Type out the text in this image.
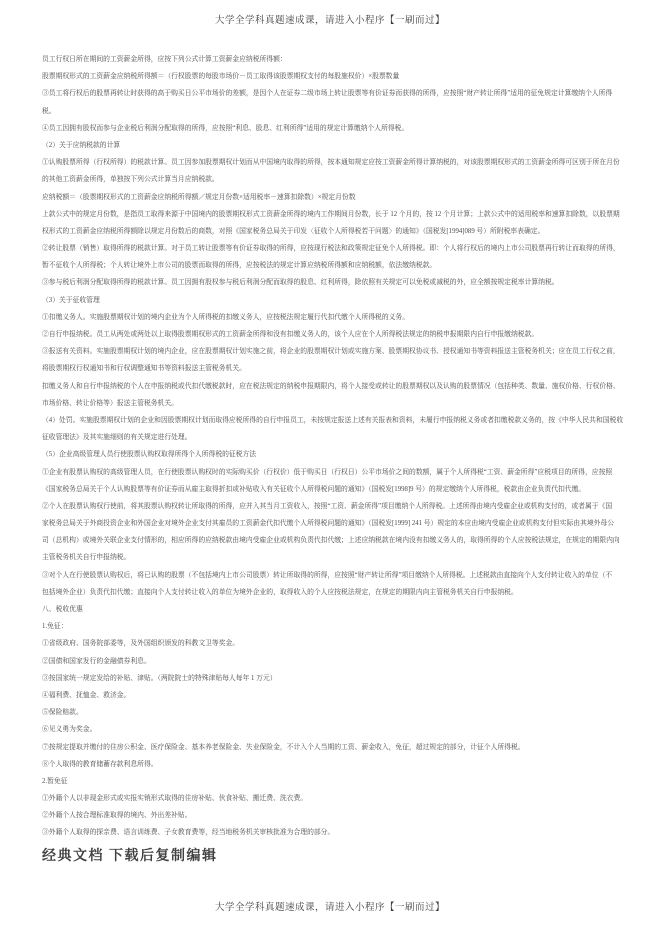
大学全学科真题速成课，请进入小程序【一刷而过】
员工行权日所在期间的工资薪金所得，应按下列公式计算工资薪金应纳税所得额：
股票期权形式的工资薪金应纳税所得额＝（行权股票的每股市场价－员工取得该股票期权支付的每股施权价）×股票数量
③员工将行权后的股票再转让时获得的高于购买日公平市场价的差额，是因个人在证券二级市场上转让股票等有价证券而获得的所得，应按照“财产转让所得”适用的征免规定计算缴纳个人所得
税。
④员工因拥有股权而参与企业税后利润分配取得的所得，应按照“利息、股息、红利所得”适用的规定计算缴纳个人所得税。
（2）关于应纳税款的计算
①认购股票所得（行权所得）的税款计算。员工因参加股票期权计划而从中国境内取得的所得，按本通知规定应按工资薪金所得计算纳税的，对该股票期权形式的工资薪金所得可区别于所在月份
的其他工资薪金所得，单独按下列公式计算当月应纳税款。
应纳税额＝（股票期权形式的工资薪金应纳税所得额／规定月份数×适用税率－速算扣除数）×规定月份数
上款公式中的规定月份数，是指员工取得来源于中国境内的股票期权形式工资薪金所得的境内工作期间月份数，长于 12 个月的，按 12 个月计算；上款公式中的适用税率和速算扣除数，以股票期
权形式的工资薪金应纳税所得额除以规定月份数后的商数，对照《国家税务总局关于印发〈征收个人所得税若干问题〉的通知》（国税发[1994]089 号）所附税率表确定。
②转让股票（销售）取得所得的税款计算。对于员工转让股票等有价证券取得的所得，应按现行税法和政策规定征免个人所得税。即：个人将行权后的境内上市公司股票再行转让而取得的所得，
暂不征收个人所得税；个人转让境外上市公司的股票而取得的所得，应按税法的规定计算应纳税所得额和应纳税额，依法缴纳税款。
③参与税后利润分配取得所得的税款计算。员工因拥有股权参与税后利润分配而取得的股息、红利所得，除依照有关规定可以免税或减税的外，应全额按规定税率计算纳税。
（3）关于征收管理
①扣缴义务人。实施股票期权计划的境内企业为个人所得税的扣缴义务人，应按税法规定履行代扣代缴个人所得税的义务。
②自行申报纳税。员工从两处或两处以上取得股票期权形式的工资薪金所得和没有扣缴义务人的，该个人应在个人所得税法规定的纳税申报期限内自行申报缴纳税款。
③报送有关资料。实施股票期权计划的境内企业，应在股票期权计划实施之前，将企业的股票期权计划或实施方案、股票期权协议书、授权通知书等资料报送主管税务机关；应在员工行权之前，
将股票期权行权通知书和行权调整通知书等资料报送主管税务机关。
扣缴义务人和自行申报纳税的个人在申报纳税或代扣代缴税款时，应在税法规定的纳税申报期限内，将个人接受或转让的股票期权以及认购的股票情况（包括种类、数量、施权价格、行权价格、
市场价格、转让价格等）报送主管税务机关。
（4）处罚。实施股票期权计划的企业和因股票期权计划而取得应税所得的自行申报员工，未按规定报送上述有关报表和资料，未履行申报纳税义务或者扣缴税款义务的，按《中华人民共和国税收
征收管理法》及其实施细则的有关规定进行处理。
（5）企业高级管理人员行使股票认购权取得所得个人所得税的征税方法
①企业有股票认购权的高级管理人员，在行使股票认购权时的实际购买价（行权价）低于购买日（行权日）公平市场价之间的数额，属于个人所得税“工资、薪金所得”应税项目的所得，应按照
《国家税务总局关于个人认购股票等有价证券而从雇主取得折扣或补贴收入有关征收个人所得税问题的通知》（国税发[1998]9 号）的规定缴纳个人所得税，税款由企业负责代扣代缴。
②个人在股票认购权行使前，将其股票认购权转让所取得的所得，应并入其当月工资收入，按照“工资、薪金所得”项目缴纳个人所得税。上述所得由境内受雇企业或机构支付的，或者属于《国
家税务总局关于外商投资企业和外国企业对境外企业支付其雇员的工资薪金代扣代缴个人所得税问题的通知》（国税发[1999] 241 号）规定的本应由境内受雇企业或机构支付但实际由其境外母公
司（总机构）或境外关联企业支付情形的，相应所得的应纳税款由境内受雇企业或机构负责代扣代缴；上述应纳税款在境内没有扣缴义务人的，取得所得的个人应按税法规定，在规定的期限内向
主管税务机关自行申报纳税。
③对个人在行使股票认购权后，将已认购的股票（不包括境内上市公司股票）转让所取得的所得，应按照“财产转让所得”项目缴纳个人所得税。上述税款由直接向个人支付转让收入的单位（不
包括境外企业）负责代扣代缴；直接向个人支付转让收入的单位为境外企业的，取得收入的个人应按税法规定，在规定的期限内向主管税务机关自行申报纳税。
八、税收优惠
1.免征：
①省级政府、国务院部委等，及外国组织颁发的科教文卫等奖金。
②国债和国家发行的金融债券利息。
③按国家统一规定发给的补贴、津贴。（两院院士的特殊津贴每人每年 1 万元）
④福利费、抚恤金、救济金。
⑤保险赔款。
⑥见义勇为奖金。
⑦按规定提取并缴付的住房公积金、医疗保险金、基本养老保险金、失业保险金，不计入个人当期的工资、薪金收入，免征，超过规定的部分，计征个人所得税。
⑧个人取得的教育储蓄存款利息所得。
2.暂免征
①外籍个人以非现金形式或实报实销形式取得的住房补贴、伙食补贴、搬迁费、洗衣费。
②外籍个人按合理标准取得的境内、外出差补贴。
③外籍个人取得的探亲费、语言训练费、子女教育费等，经当地税务机关审核批准为合理的部分。
经典文档 下载后复制编辑
大学全学科真题速成课，请进入小程序【一刷而过】
